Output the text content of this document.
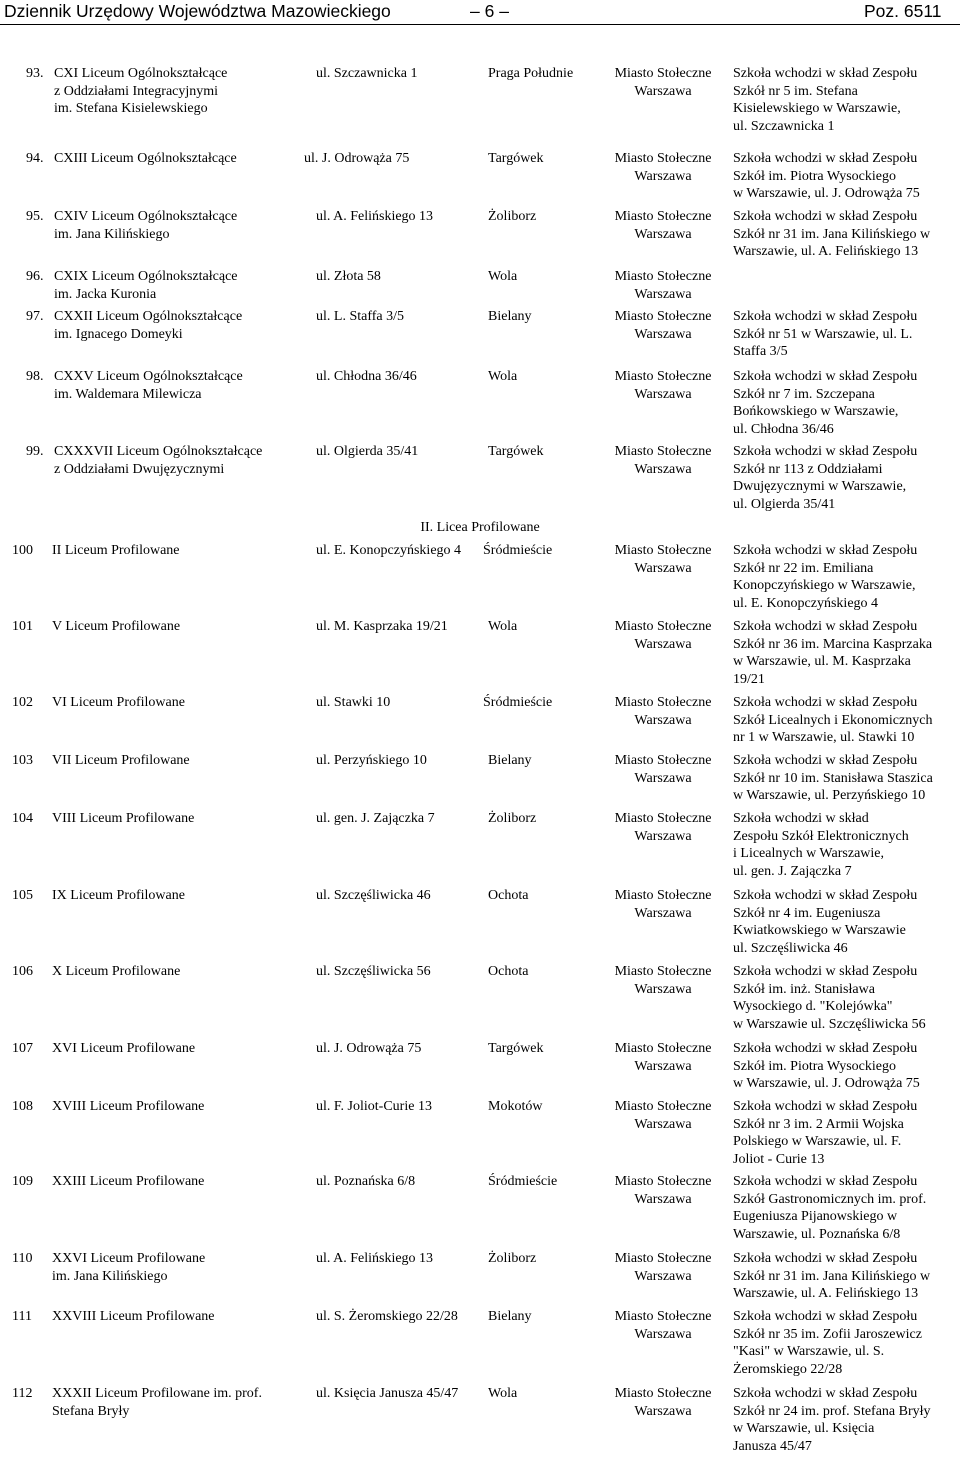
Dziennik Urzędowy Województwa Mazowieckiego	– 6 –	Poz. 6511
93. CXI Liceum Ogólnokształcące
z Oddziałami Integracyjnymi
im. Stefana Kisielewskiego
ul. Szczawnicka 1	Praga Południe	Miasto Stołeczne
Warszawa
Szkoła wchodzi w skład Zespołu
Szkół nr 5 im. Stefana
Kisielewskiego w Warszawie,
ul. Szczawnicka 1
94. CXIII Liceum Ogólnokształcące	ul. J. Odrowąża 75	Targówek	Miasto Stołeczne
Warszawa
Szkoła wchodzi w skład Zespołu
Szkół im. Piotra Wysockiego
w Warszawie, ul. J. Odrowąża 75
95. CXIV Liceum Ogólnokształcące
im. Jana Kilińskiego
ul. A. Felińskiego 13	Żoliborz	Miasto Stołeczne
Warszawa
Szkoła wchodzi w skład Zespołu
Szkół nr 31 im. Jana Kilińskiego w
Warszawie, ul. A. Felińskiego 13
96. CXIX Liceum Ogólnokształcące
im. Jacka Kuronia
ul. Złota 58	Wola	Miasto Stołeczne
Warszawa
97. CXXII Liceum Ogólnokształcące
im. Ignacego Domeyki
ul. L. Staffa 3/5	Bielany	Miasto Stołeczne
Warszawa
Szkoła wchodzi w skład Zespołu
Szkół nr 51 w Warszawie, ul. L.
Staffa 3/5
98. CXXV Liceum Ogólnokształcące
im. Waldemara Milewicza
ul. Chłodna 36/46	Wola	Miasto Stołeczne
Warszawa
Szkoła wchodzi w skład Zespołu
Szkół nr 7 im. Szczepana
Bońkowskiego w Warszawie,
ul. Chłodna 36/46
99. CXXXVII Liceum Ogólnokształcące
z Oddziałami Dwujęzycznymi
ul. Olgierda 35/41	Targówek	Miasto Stołeczne
Warszawa
Szkoła wchodzi w skład Zespołu
Szkół nr 113 z Oddziałami
Dwujęzycznymi w Warszawie,
ul. Olgierda 35/41
100 II Liceum Profilowane	ul. E. Konopczyńskiego 4 Śródmieście	Miasto Stołeczne
Warszawa
Szkoła wchodzi w skład Zespołu
Szkół nr 22 im. Emiliana
Konopczyńskiego w Warszawie,
ul. E. Konopczyńskiego 4
101 V Liceum Profilowane	ul. M. Kasprzaka 19/21	Wola	Miasto Stołeczne
Warszawa
Szkoła wchodzi w skład Zespołu
Szkół nr 36 im. Marcina Kasprzaka
w Warszawie, ul. M. Kasprzaka
19/21
102 VI Liceum Profilowane	ul. Stawki 10	Śródmieście	Miasto Stołeczne
Warszawa
Szkoła wchodzi w skład Zespołu
Szkół Licealnych i Ekonomicznych
nr 1 w Warszawie, ul. Stawki 10
103 VII Liceum Profilowane	ul. Perzyńskiego 10	Bielany	Miasto Stołeczne
Warszawa
Szkoła wchodzi w skład Zespołu
Szkół nr 10 im. Stanisława Staszica
w Warszawie, ul. Perzyńskiego 10
104 VIII Liceum Profilowane	ul. gen. J. Zajączka 7	Żoliborz	Miasto Stołeczne
Warszawa
Szkoła wchodzi w skład
Zespołu Szkół Elektronicznych
i Licealnych w Warszawie,
ul. gen. J. Zajączka 7
105 IX Liceum Profilowane	ul. Szczęśliwicka 46	Ochota	Miasto Stołeczne
Warszawa
Szkoła wchodzi w skład Zespołu
Szkół nr 4 im. Eugeniusza
Kwiatkowskiego w Warszawie
ul. Szczęśliwicka 46
106 X Liceum Profilowane	ul. Szczęśliwicka 56	Ochota	Miasto Stołeczne
Warszawa
Szkoła wchodzi w skład Zespołu
Szkół im. inż. Stanisława
Wysockiego d. "Kolejówka"
w Warszawie ul. Szczęśliwicka 56
107 XVI Liceum Profilowane	ul. J. Odrowąża 75	Targówek	Miasto Stołeczne
Warszawa
Szkoła wchodzi w skład Zespołu
Szkół im. Piotra Wysockiego
w Warszawie, ul. J. Odrowąża 75
108 XVIII Liceum Profilowane	ul. F. Joliot-Curie 13	Mokotów	Miasto Stołeczne
Warszawa
Szkoła wchodzi w skład Zespołu
Szkół nr 3 im. 2 Armii Wojska
Polskiego w Warszawie, ul. F.
Joliot - Curie 13
109 XXIII Liceum Profilowane	ul. Poznańska 6/8	Śródmieście	Miasto Stołeczne
Warszawa
Szkoła wchodzi w skład Zespołu
Szkół Gastronomicznych im. prof.
Eugeniusza Pijanowskiego w
Warszawie, ul. Poznańska 6/8
110 XXVI Liceum Profilowane
im. Jana Kilińskiego
ul. A. Felińskiego 13	Żoliborz	Miasto Stołeczne
Warszawa
Szkoła wchodzi w skład Zespołu
Szkół nr 31 im. Jana Kilińskiego w
Warszawie, ul. A. Felińskiego 13
111 XXVIII Liceum Profilowane	ul. S. Żeromskiego 22/28 Bielany	Miasto Stołeczne
Warszawa
Szkoła wchodzi w skład Zespołu
Szkół nr 35 im. Zofii Jaroszewicz
"Kasi" w Warszawie, ul. S.
Żeromskiego 22/28
112 XXXII Liceum Profilowane im. prof.
Stefana Bryły
ul. Księcia Janusza 45/47 Wola	Miasto Stołeczne
Warszawa
Szkoła wchodzi w skład Zespołu
Szkół nr 24 im. prof. Stefana Bryły
w Warszawie, ul. Księcia
Janusza 45/47
II. Licea Profilowane
